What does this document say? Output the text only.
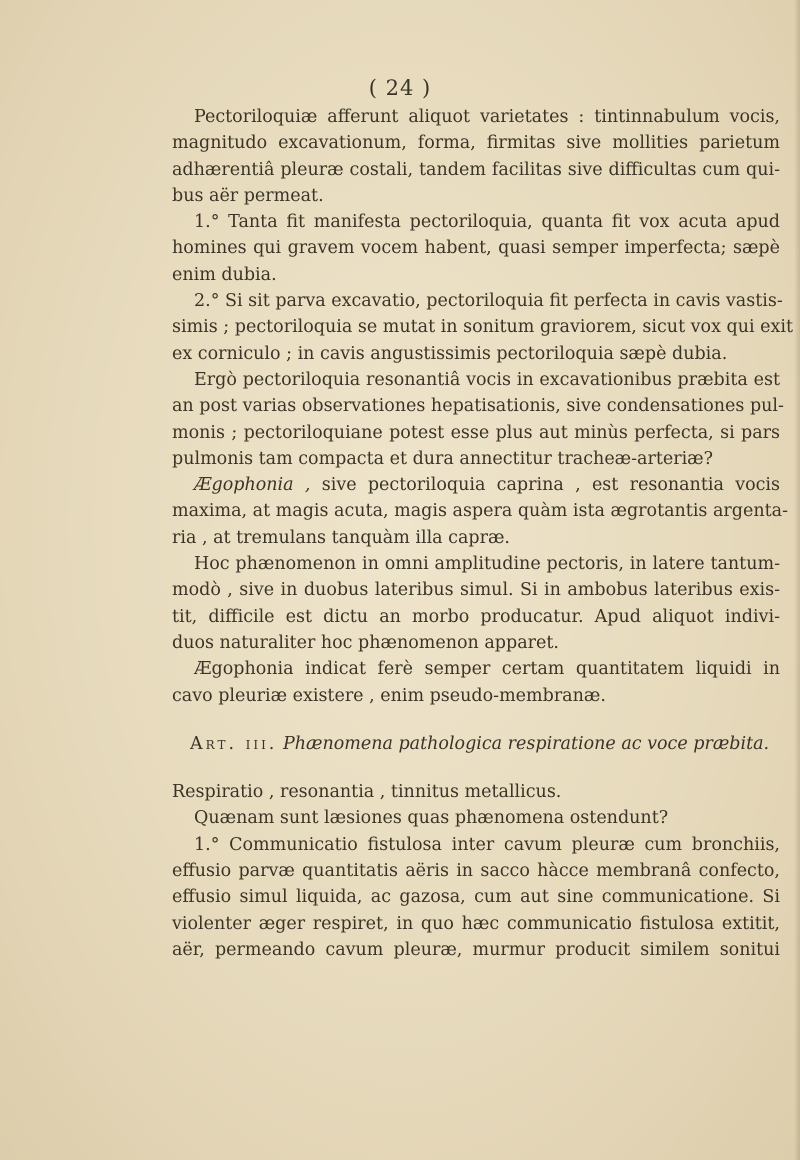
( 24 )
Pectoriloquiæ afferunt aliquot varietates : tintinnabulum vocis,
magnitudo excavationum, forma, firmitas sive mollities parietum
adhærentiâ pleuræ costali, tandem facilitas sive difficultas cum qui-
bus aër permeat.
1.° Tanta fit manifesta pectoriloquia, quanta fit vox acuta apud
homines qui gravem vocem habent, quasi semper imperfecta; sæpè
enim dubia.
2.° Si sit parva excavatio, pectoriloquia fit perfecta in cavis vastis-
simis ; pectoriloquia se mutat in sonitum graviorem, sicut vox qui exit
ex corniculo ; in cavis angustissimis pectoriloquia sæpè dubia.
Ergò pectoriloquia resonantiâ vocis in excavationibus præbita est
an post varias observationes hepatisationis, sive condensationes pul-
monis ; pectoriloquiane potest esse plus aut minùs perfecta, si pars
pulmonis tam compacta et dura annectitur tracheæ-arteriæ?
Ægophonia , sive pectoriloquia caprina , est resonantia vocis
maxima, at magis acuta, magis aspera quàm ista ægrotantis argenta-
ria , at tremulans tanquàm illa capræ.
Hoc phænomenon in omni amplitudine pectoris, in latere tantum-
modò , sive in duobus lateribus simul. Si in ambobus lateribus exis-
tit, difficile est dictu an morbo producatur. Apud aliquot indivi-
duos naturaliter hoc phænomenon apparet.
Ægophonia indicat ferè semper certam quantitatem liquidi in
cavo pleuriæ existere , enim pseudo-membranæ.
Art. iii. Phænomena pathologica respiratione ac voce præbita.
Respiratio , resonantia , tinnitus metallicus.
Quænam sunt læsiones quas phænomena ostendunt?
1.° Communicatio fistulosa inter cavum pleuræ cum bronchiis,
effusio parvæ quantitatis aëris in sacco hàcce membranâ confecto,
effusio simul liquida, ac gazosa, cum aut sine communicatione. Si
violenter æger respiret, in quo hæc communicatio fistulosa extitit,
aër, permeando cavum pleuræ, murmur producit similem sonitui
